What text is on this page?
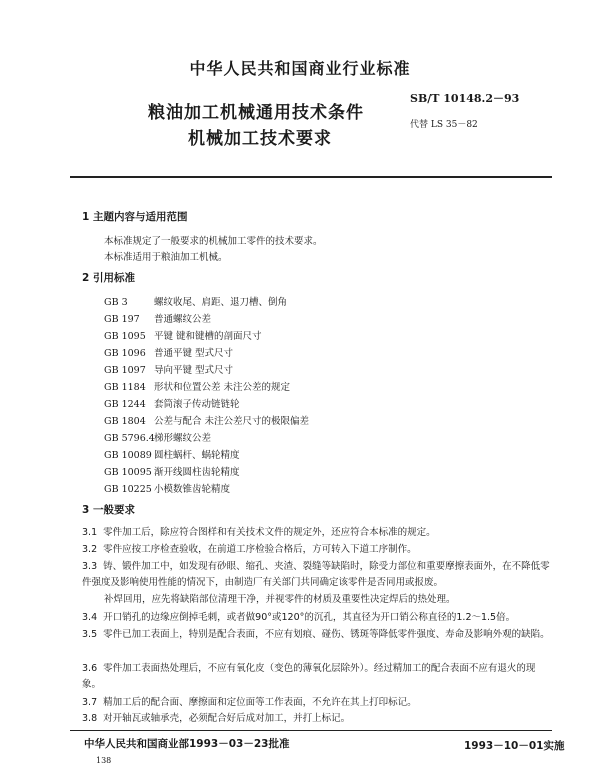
中华人民共和国商业行业标准
粮油加工机械通用技术条件
机械加工技术要求
SB/T 10148.2－93
代替 LS 35－82
1 主题内容与适用范围
本标准规定了一般要求的机械加工零件的技术要求。
本标准适用于粮油加工机械。
2 引用标准
GB 3	螺纹收尾、肩距、退刀槽、倒角
GB 197 普通螺纹公差
GB 1095 平键 键和键槽的剖面尺寸
GB 1096 普通平键 型式尺寸
GB 1097 导向平键 型式尺寸
GB 1184 形状和位置公差 未注公差的规定
GB 1244 套筒滚子传动链链轮
GB 1804 公差与配合 未注公差尺寸的极限偏差
GB 5796.4梯形螺纹公差
GB 10089 圆柱蜗杆、蜗轮精度
GB 10095 渐开线圆柱齿轮精度
GB 10225 小模数锥齿轮精度
3 一般要求
3.1 零件加工后，除应符合图样和有关技术文件的规定外，还应符合本标准的规定。
3.2 零件应按工序检查验收，在前道工序检验合格后，方可转入下道工序制作。
3.3 铸、锻件加工中，如发现有砂眼、缩孔、夹渣、裂缝等缺陷时，除受力部位和重要摩擦表面外，在不降低零件强度及影响使用性能的情况下，由制造厂有关部门共同确定该零件是否同用或报废。
补焊回用，应先将缺陷部位清理干净，并视零件的材质及重要性决定焊后的热处理。
3.4 开口销孔的边缘应倒掉毛刺，或者做90°或120°的沉孔，其直径为开口销公称直径的1.2～1.5倍。
3.5 零件已加工表面上，特别是配合表面，不应有划痕、碰伤、锈斑等降低零件强度、寿命及影响外观的缺陷。
3.6 零件加工表面热处理后，不应有氧化皮（变色的薄氧化层除外）。经过精加工的配合表面不应有退火的现象。
3.7 精加工后的配合面、摩擦面和定位面等工作表面，不允许在其上打印标记。
3.8 对开轴瓦或轴承壳，必须配合好后成对加工，并打上标记。
中华人民共和国商业部1993－03－23批准	1993－10－01实施
138
